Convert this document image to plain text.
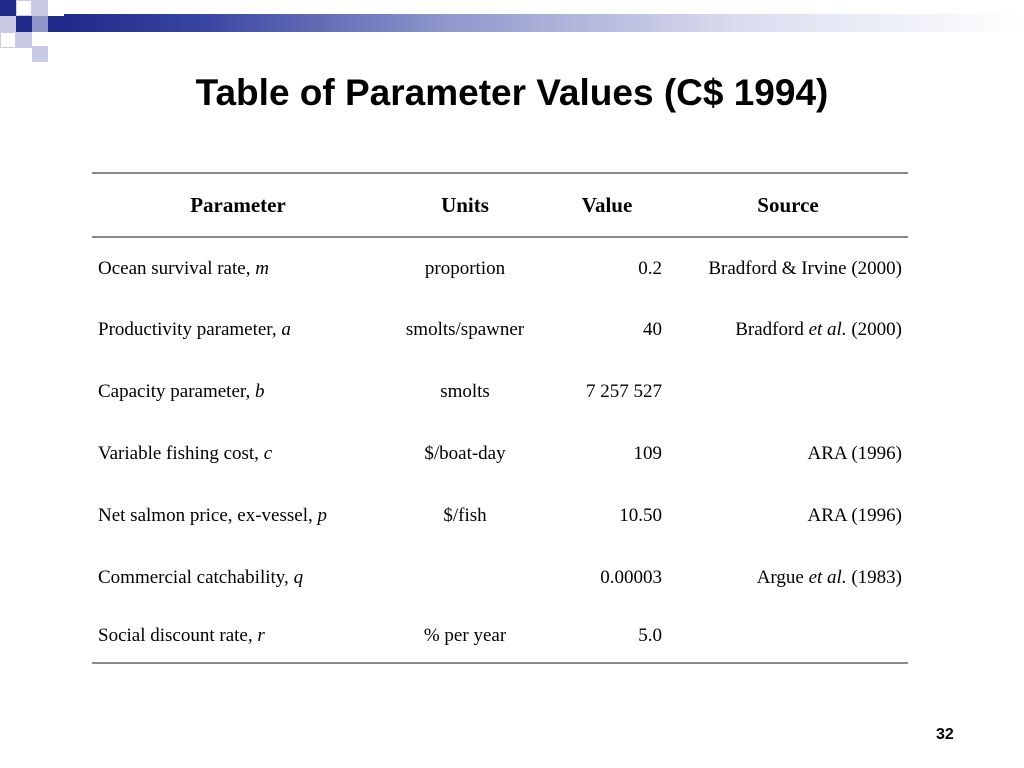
Table of Parameter Values (C$ 1994)
Parameter	Units	Value	Source
Ocean survival rate, m	proportion	0.2	Bradford & Irvine (2000)
Productivity parameter, a	smolts/spawner	40	Bradford et al. (2000)
Capacity parameter, b	smolts	7 257 527	
Variable fishing cost, c	$/boat-day	109	ARA (1996)
Net salmon price, ex-vessel, p	$/fish	10.50	ARA (1996)
Commercial catchability, q		0.00003	Argue et al. (1983)
Social discount rate, r	% per year	5.0	
32
